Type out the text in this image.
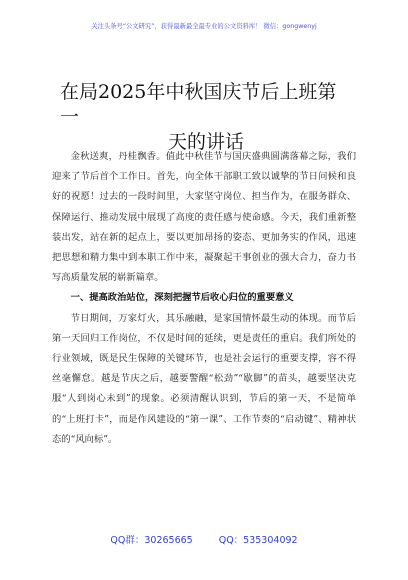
关注头条号“公文研究”，获得最新最全最专业的公文资料库！ 微信：gongwenyj
在局2025年中秋国庆节后上班第一
天的讲话

金秋送爽，丹桂飘香。值此中秋佳节与国庆盛典圆满落幕之际，我们迎来了节后首个工作日。首先，向全体干部职工致以诚挚的节日问候和良好的祝愿！过去的一段时间里，大家坚守岗位、担当作为，在服务群众、保障运行、推动发展中展现了高度的责任感与使命感。今天，我们重新整装出发，站在新的起点上，要以更加昂扬的姿态、更加务实的作风，迅速把思想和精力集中到本职工作中来，凝聚起干事创业的强大合力，奋力书写高质量发展的崭新篇章。

一、提高政治站位，深刻把握节后收心归位的重要意义

节日期间，万家灯火，其乐融融，是家国情怀最生动的体现。而节后第一天回归工作岗位，不仅是时间的延续，更是责任的重启。我们所处的行业领域，既是民生保障的关键环节，也是社会运行的重要支撑，容不得丝毫懈怠。越是节庆之后，越要警醒“松劲”“歇脚”的苗头，越要坚决克服“人到岗心未到”的现象。必须清醒认识到，节后的第一天，不是简单的“上班打卡”，而是作风建设的“第一课”、工作节奏的“启动键”、精神状态的“风向标”。

QQ群：30265665	QQ：535304092
